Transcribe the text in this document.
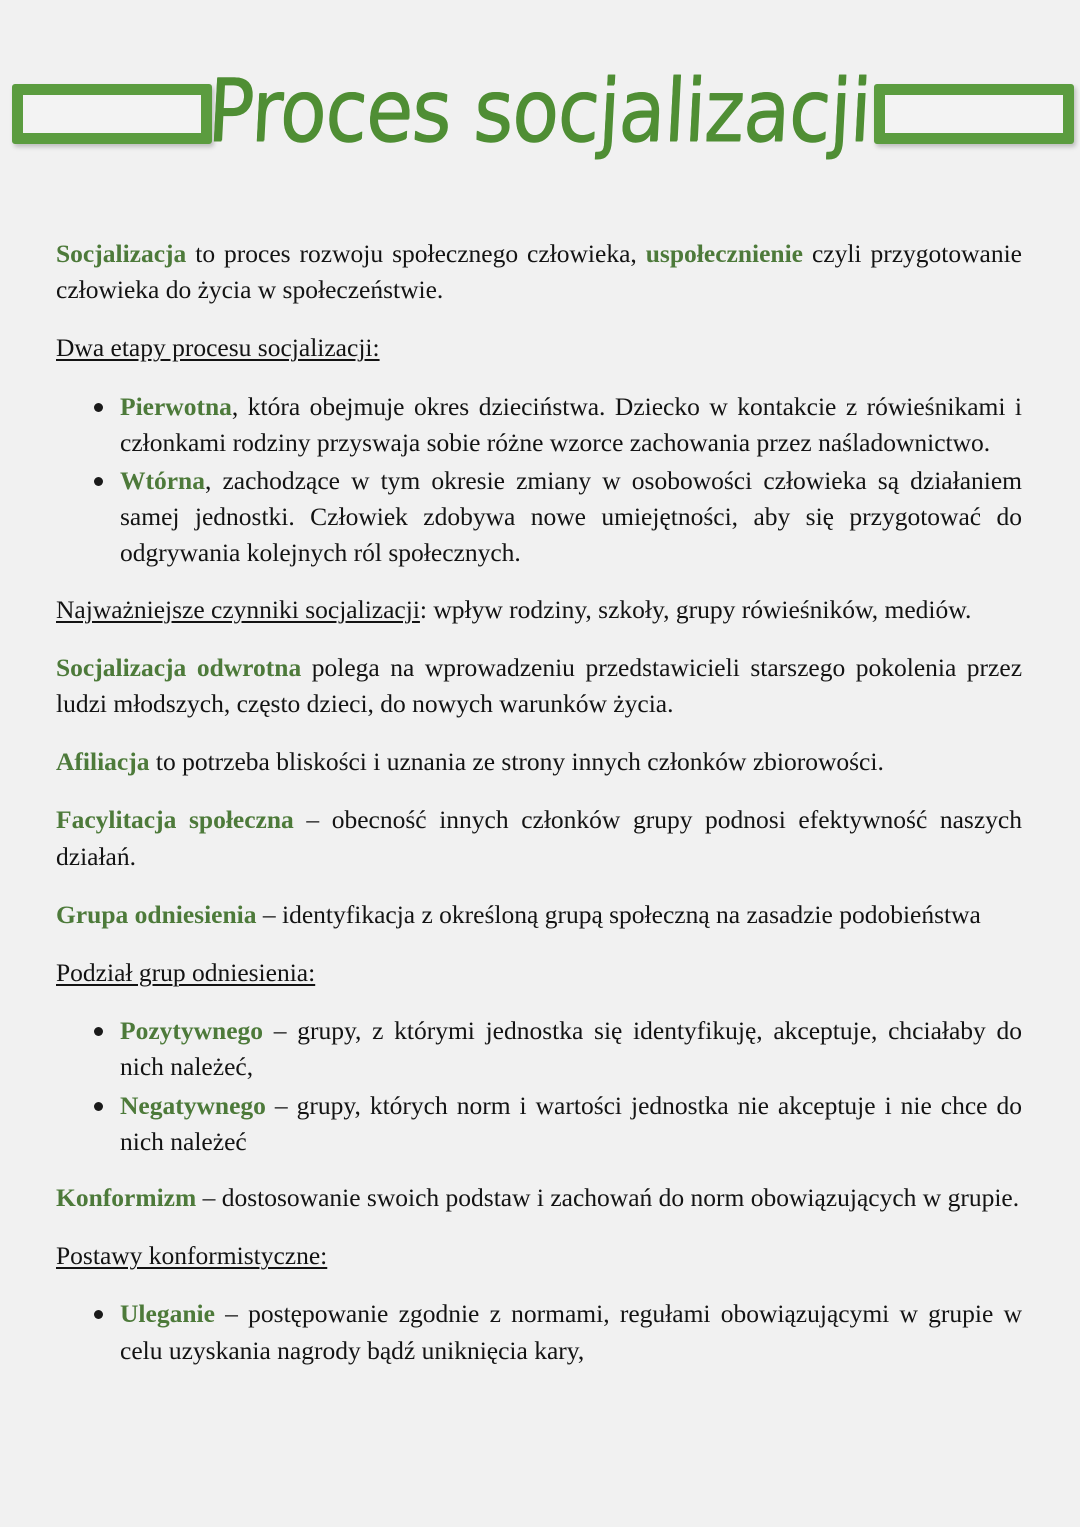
Proces socjalizacji

Socjalizacja to proces rozwoju społecznego człowieka, uspołecznienie czyli przygotowanie człowieka do życia w społeczeństwie.

Dwa etapy procesu socjalizacji:

Pierwotna, która obejmuje okres dzieciństwa. Dziecko w kontakcie z rówieśnikami i członkami rodziny przyswaja sobie różne wzorce zachowania przez naśladownictwo.
Wtórna, zachodzące w tym okresie zmiany w osobowości człowieka są działaniem samej jednostki. Człowiek zdobywa nowe umiejętności, aby się przygotować do odgrywania kolejnych ról społecznych.

Najważniejsze czynniki socjalizacji: wpływ rodziny, szkoły, grupy rówieśników, mediów.

Socjalizacja odwrotna polega na wprowadzeniu przedstawicieli starszego pokolenia przez ludzi młodszych, często dzieci, do nowych warunków życia.

Afiliacja to potrzeba bliskości i uznania ze strony innych członków zbiorowości.

Facylitacja społeczna – obecność innych członków grupy podnosi efektywność naszych działań.

Grupa odniesienia – identyfikacja z określoną grupą społeczną na zasadzie podobieństwa

Podział grup odniesienia:

Pozytywnego – grupy, z którymi jednostka się identyfikuję, akceptuje, chciałaby do nich należeć,
Negatywnego – grupy, których norm i wartości jednostka nie akceptuje i nie chce do nich należeć

Konformizm – dostosowanie swoich podstaw i zachowań do norm obowiązujących w grupie.

Postawy konformistyczne:

Uleganie – postępowanie zgodnie z normami, regułami obowiązującymi w grupie w celu uzyskania nagrody bądź uniknięcia kary,
